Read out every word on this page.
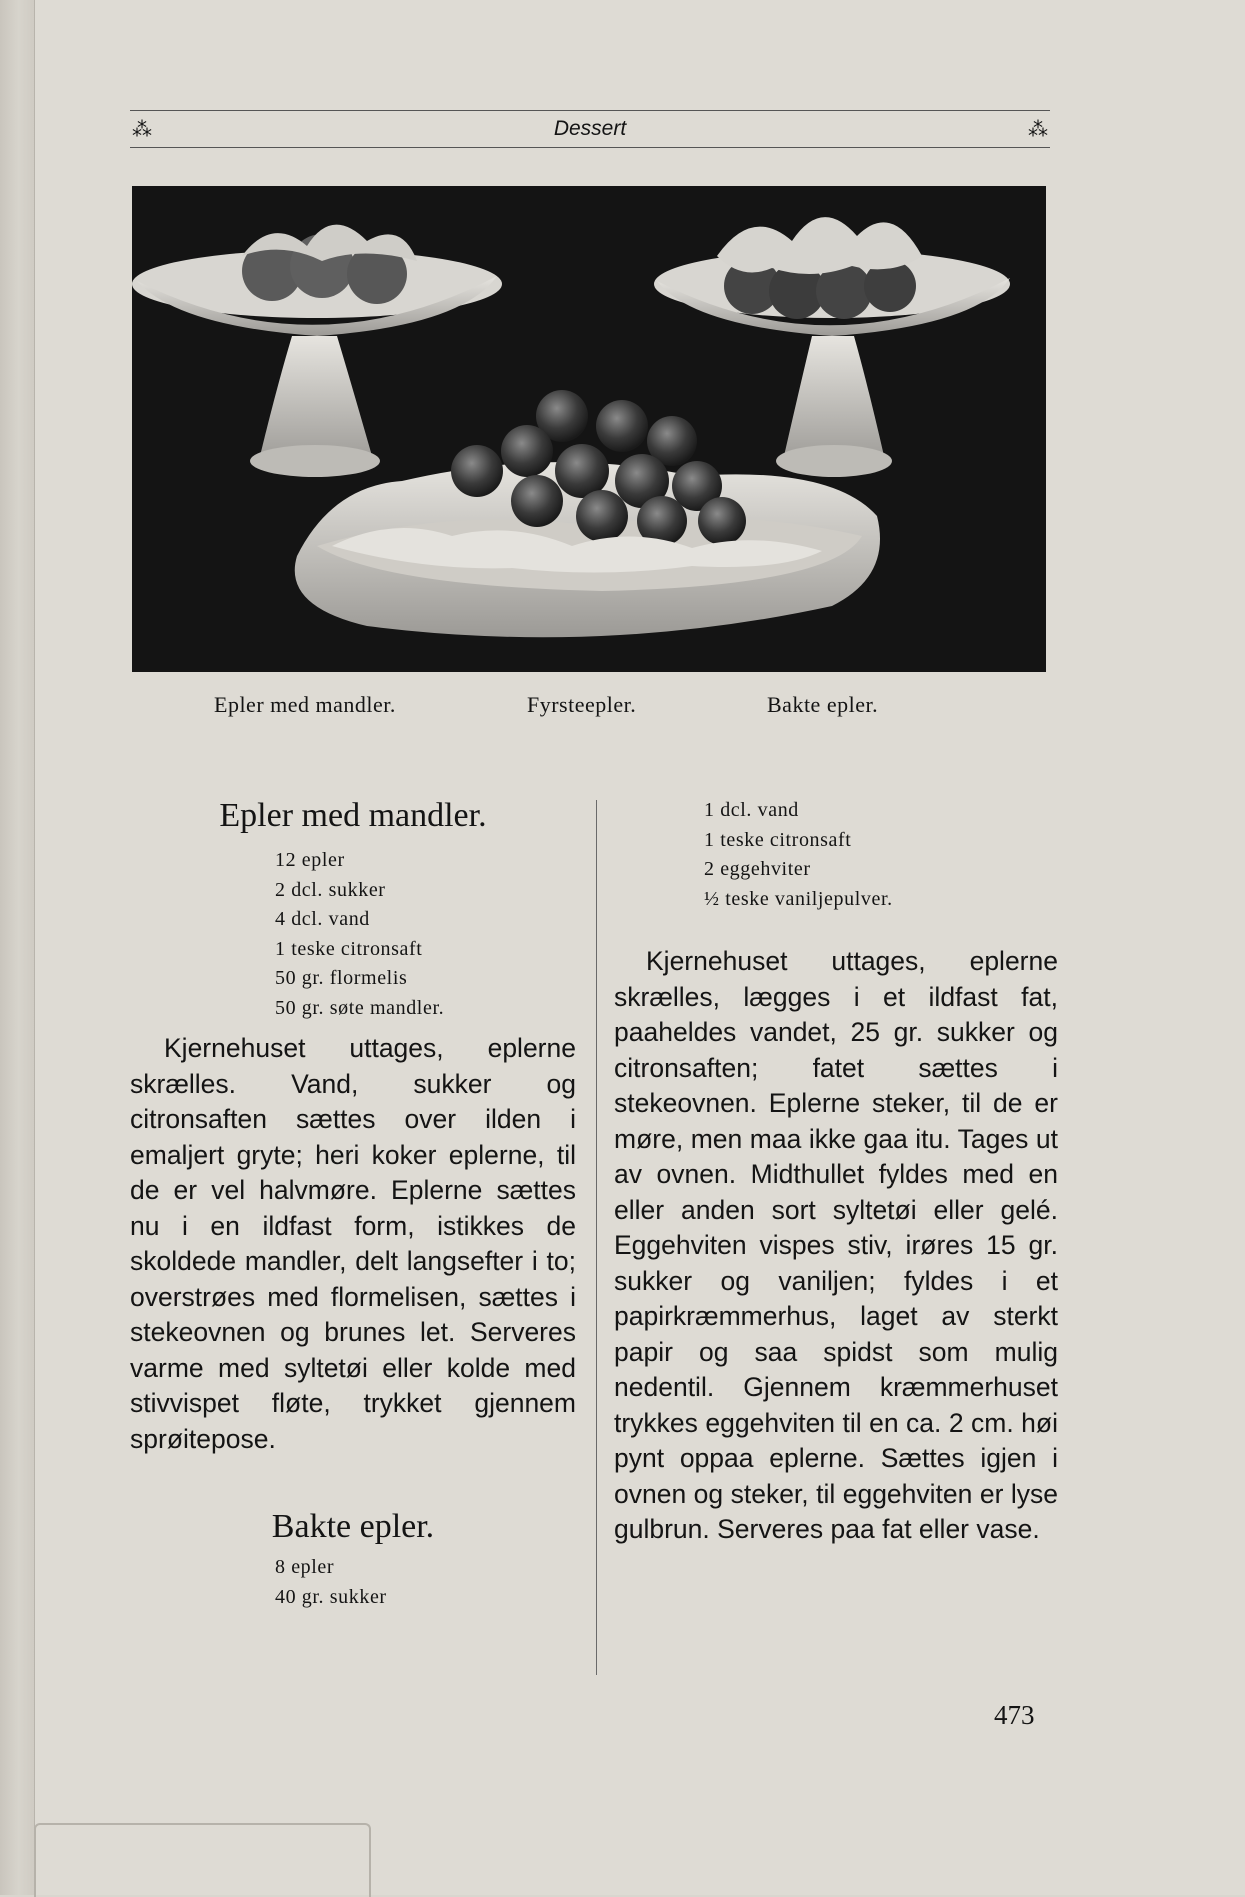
⁂	Dessert	⁂
Epler med mandler.	Fyrsteepler.	Bakte epler.
Epler med mandler.
12 epler
2 dcl. sukker
4 dcl. vand
1 teske citronsaft
50 gr. flormelis
50 gr. søte mandler.

Kjernehuset uttages, eplerne skrælles. Vand, sukker og citronsaften sættes over ilden i emaljert gryte; heri koker eplerne, til de er vel halvmøre. Eplerne sættes nu i en ildfast form, istikkes de skoldede mandler, delt langsefter i to; overstrøes med flormelisen, sættes i stekeovnen og brunes let. Serveres varme med syltetøi eller kolde med stivvispet fløte, trykket gjennem sprøitepose.

Bakte epler.
8 epler
40 gr. sukker
1 dcl. vand
1 teske citronsaft
2 eggehviter
½ teske vaniljepulver.

Kjernehuset uttages, eplerne skrælles, lægges i et ildfast fat, paaheldes vandet, 25 gr. sukker og citronsaften; fatet sættes i stekeovnen. Eplerne steker, til de er møre, men maa ikke gaa itu. Tages ut av ovnen. Midthullet fyldes med en eller anden sort syltetøi eller gelé. Eggehviten vispes stiv, irøres 15 gr. sukker og vaniljen; fyldes i et papirkræmmerhus, laget av sterkt papir og saa spidst som mulig nedentil. Gjennem kræmmerhuset trykkes eggehviten til en ca. 2 cm. høi pynt oppaa eplerne. Sættes igjen i ovnen og steker, til eggehviten er lyse gulbrun. Serveres paa fat eller vase.

473
